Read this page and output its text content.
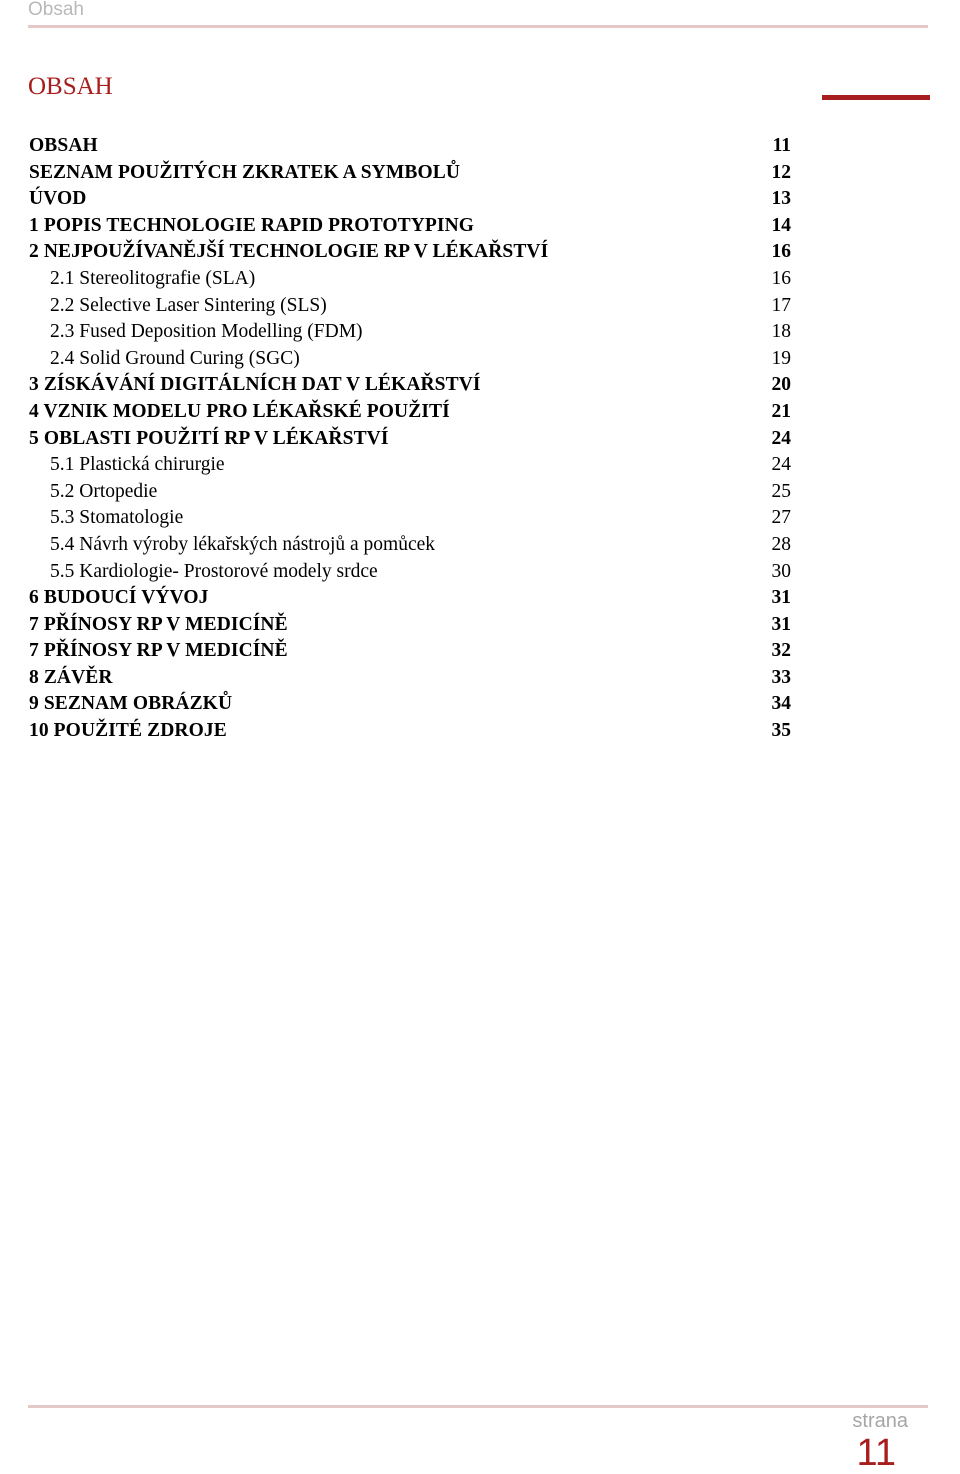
Obsah
OBSAH
OBSAH	11
SEZNAM POUŽITÝCH ZKRATEK A SYMBOLŮ	12
ÚVOD	13
1 POPIS TECHNOLOGIE RAPID PROTOTYPING	14
2 NEJPOUŽÍVANĚJŠÍ TECHNOLOGIE RP V LÉKAŘSTVÍ	16
2.1 Stereolitografie (SLA)	16
2.2 Selective Laser Sintering (SLS)	17
2.3 Fused Deposition Modelling (FDM)	18
2.4 Solid Ground Curing (SGC)	19
3 ZÍSKÁVÁNÍ DIGITÁLNÍCH DAT V LÉKAŘSTVÍ	20
4 VZNIK MODELU PRO LÉKAŘSKÉ POUŽITÍ	21
5 OBLASTI POUŽITÍ RP V LÉKAŘSTVÍ	24
5.1 Plastická chirurgie	24
5.2 Ortopedie	25
5.3 Stomatologie	27
5.4 Návrh výroby lékařských nástrojů a pomůcek	28
5.5 Kardiologie- Prostorové modely srdce	30
6 BUDOUCÍ VÝVOJ	31
7 PŘÍNOSY RP V MEDICÍNĚ	31
7 PŘÍNOSY RP V MEDICÍNĚ	32
8 ZÁVĚR	33
9 SEZNAM OBRÁZKŮ	34
10 POUŽITÉ ZDROJE	35
strana
11
